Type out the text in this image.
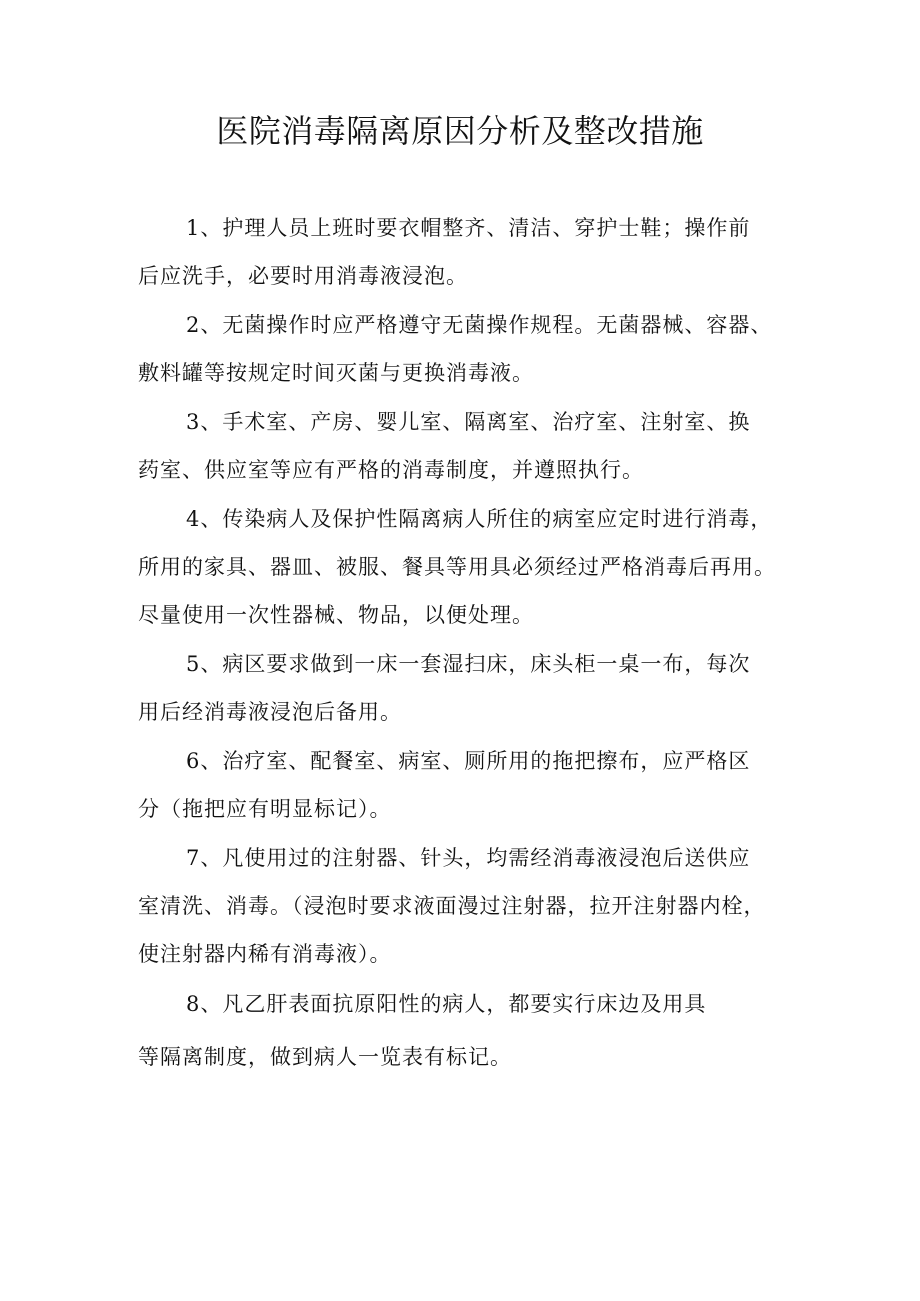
医院消毒隔离原因分析及整改措施
1、护理人员上班时要衣帽整齐、清洁、穿护士鞋；操作前
后应洗手，必要时用消毒液浸泡。
2、无菌操作时应严格遵守无菌操作规程。无菌器械、容器、
敷料罐等按规定时间灭菌与更换消毒液。
3、手术室、产房、婴儿室、隔离室、治疗室、注射室、换
药室、供应室等应有严格的消毒制度，并遵照执行。
4、传染病人及保护性隔离病人所住的病室应定时进行消毒，
所用的家具、器皿、被服、餐具等用具必须经过严格消毒后再用。
尽量使用一次性器械、物品，以便处理。
5、病区要求做到一床一套湿扫床，床头柜一桌一布，每次
用后经消毒液浸泡后备用。
6、治疗室、配餐室、病室、厕所用的拖把擦布，应严格区
分（拖把应有明显标记）。
7、凡使用过的注射器、针头，均需经消毒液浸泡后送供应
室清洗、消毒。（浸泡时要求液面漫过注射器，拉开注射器内栓，
使注射器内稀有消毒液）。
8、凡乙肝表面抗原阳性的病人，都要实行床边及用具
等隔离制度，做到病人一览表有标记。
